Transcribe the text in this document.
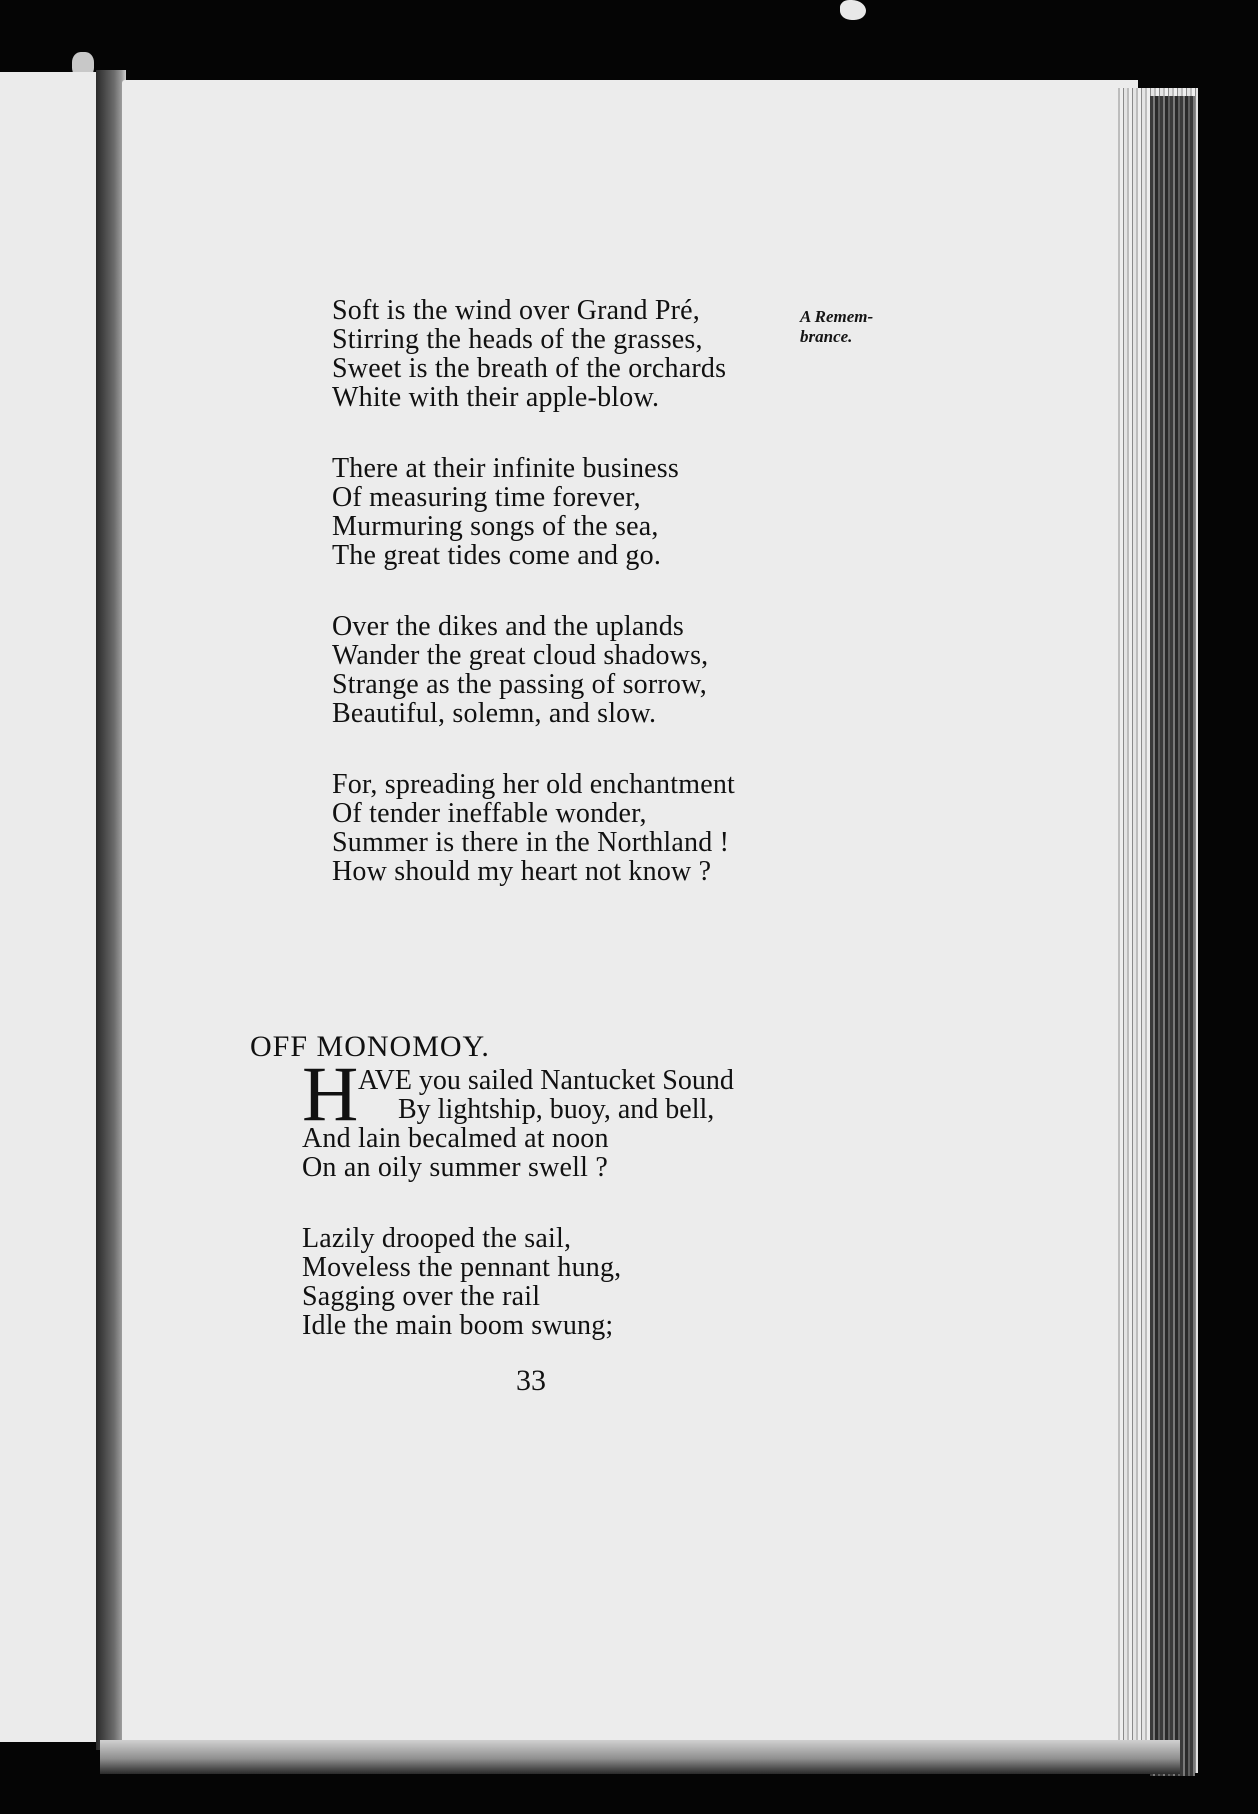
Soft is the wind over Grand Pré,
Stirring the heads of the grasses,
Sweet is the breath of the orchards
White with their apple-blow.
There at their infinite business
Of measuring time forever,
Murmuring songs of the sea,
The great tides come and go.
Over the dikes and the uplands
Wander the great cloud shadows,
Strange as the passing of sorrow,
Beautiful, solemn, and slow.
For, spreading her old enchantment
Of tender ineffable wonder,
Summer is there in the Northland !
How should my heart not know ?
A Remem-
brance.
OFF MONOMOY.
H AVE you sailed Nantucket Sound
By lightship, buoy, and bell,
And lain becalmed at noon
On an oily summer swell ?
Lazily drooped the sail,
Moveless the pennant hung,
Sagging over the rail
Idle the main boom swung;
33
